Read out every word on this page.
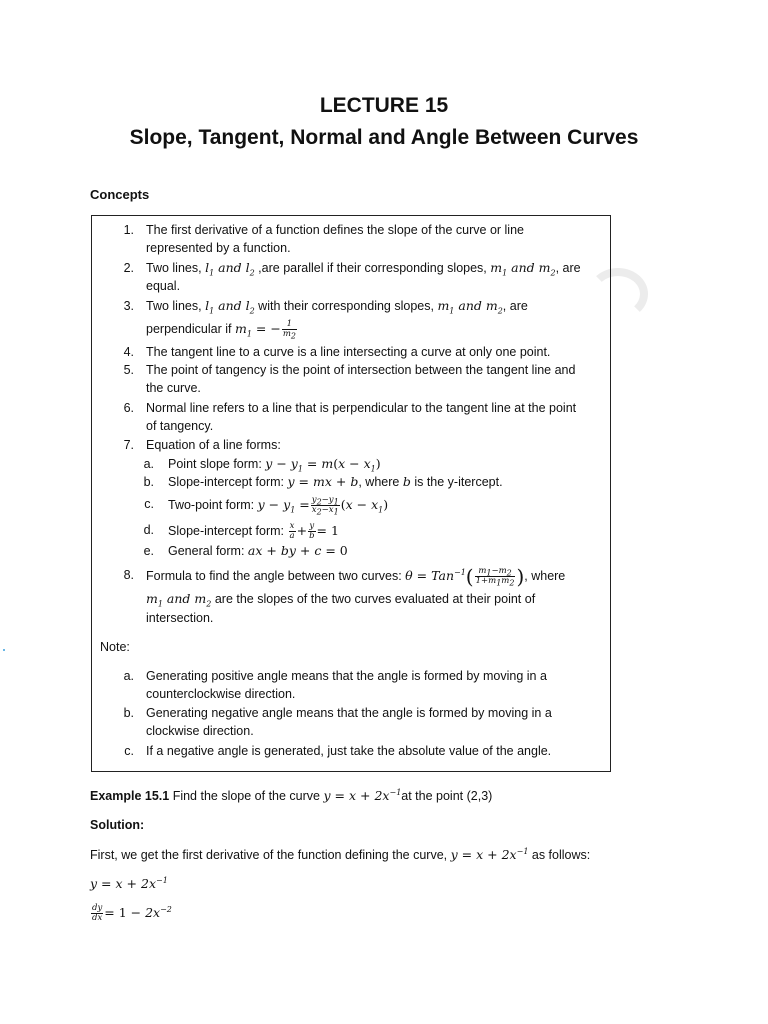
LECTURE 15
Slope, Tangent, Normal and Angle Between Curves
Concepts
1. The first derivative of a function defines the slope of the curve or line
represented by a function.
2. Two lines, $l_1$ and $l_2$ ,are parallel if their corresponding slopes, $m_1$ and $m_2$, are
equal.
3. Two lines, $l_1$ and $l_2$ with their corresponding slopes, $m_1$ and $m_2$, are
perpendicular if $m_1$ = − $\frac{1}{m_2}$
4. The tangent line to a curve is a line intersecting a curve at only one point.
5. The point of tangency is the point of intersection between the tangent line and
the curve.
6. Normal line refers to a line that is perpendicular to the tangent line at the point
of tangency.
7. Equation of a line forms:
a. Point slope form: $y - y_1 = m(x - x_1)$
b. Slope-intercept form: y = mx + b, where b is the y-itercept.
c. Two-point form: $y - y_1 = \frac{y_2-y_1}{x_2-x_1} (x - x_1)$
d. Slope-intercept form: $\frac{x}{a} + \frac{y}{b} = 1$
e. General form: ax + by + c = 0
8. Formula to find the angle between two curves: $\theta = Tan^{-1}( \frac{m_1-m_2}{1+m_1m_2}$ ), where
$m_1$ and $m_2$ are the slopes of the two curves evaluated at their point of
intersection.
Note:
a. Generating positive angle means that the angle is formed by moving in a
counterclockwise direction.
b. Generating negative angle means that the angle is formed by moving in a
clockwise direction.
c. If a negative angle is generated, just take the absolute value of the angle.
Example 15.1 Find the slope of the curve $y = x + 2x^{-1}at$ the point (2,3)
Solution:
First, we get the first derivative of the function defining the curve, $y = x + 2x^{-1}$ as follows:
$y = x + 2x^{-1}$
$\frac{dy}{dx} = 1 - 2x^{-2}$
